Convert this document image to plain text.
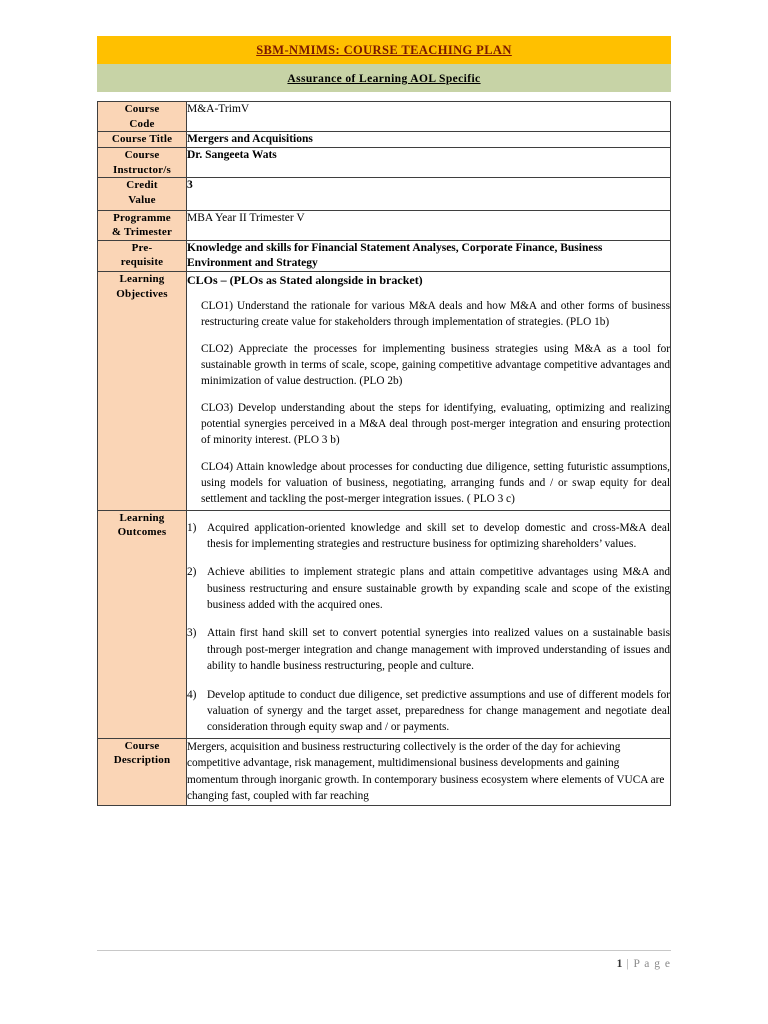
SBM-NMIMS: COURSE TEACHING PLAN
Assurance of Learning AOL Specific
Course
Code	M&A-TrimV

Course Title	Mergers and Acquisitions

Course
Instructor/s	Dr. Sangeeta Wats

Credit
Value	3

Programme
& Trimester	MBA Year II Trimester V

Pre-
requisite	Knowledge and skills for Financial Statement Analyses, Corporate Finance, Business
Environment and Strategy

Learning
Objectives

CLOs – (PLOs as Stated alongside in bracket)
CLO1) Understand the rationale for various M&A deals and how M&A and other forms of business restructuring create value for stakeholders through implementation of strategies. (PLO 1b)
CLO2) Appreciate the processes for implementing business strategies using M&A as a tool for sustainable growth in terms of scale, scope, gaining competitive advantage competitive advantages and minimization of value destruction. (PLO 2b)
CLO3) Develop understanding about the steps for identifying, evaluating, optimizing and realizing potential synergies perceived in a M&A deal through post-merger integration and ensuring protection of minority interest. (PLO 3 b)
CLO4) Attain knowledge about processes for conducting due diligence, setting futuristic assumptions, using models for valuation of business, negotiating, arranging funds and / or swap equity for deal settlement and tackling the post-merger integration issues. ( PLO 3 c)

Learning
Outcomes	1) Acquired application-oriented knowledge and skill set to develop domestic and cross-M&A deal thesis for implementing strategies and restructure business for optimizing shareholders’ values.
2) Achieve abilities to implement strategic plans and attain competitive advantages using M&A and business restructuring and ensure sustainable growth by expanding scale and scope of the existing business added with the acquired ones.
3) Attain first hand skill set to convert potential synergies into realized values on a sustainable basis through post-merger integration and change management with improved understanding of issues and ability to handle business restructuring, people and culture.
4) Develop aptitude to conduct due diligence, set predictive assumptions and use of different models for valuation of synergy and the target asset, preparedness for change management and negotiate deal consideration through equity swap and / or payments.

Course
Description	Mergers, acquisition and business restructuring collectively is the order of the day for achieving competitive advantage, risk management, multidimensional business developments and gaining momentum through inorganic growth. In contemporary business ecosystem where elements of VUCA are changing fast, coupled with far reaching
1 | P a g e
